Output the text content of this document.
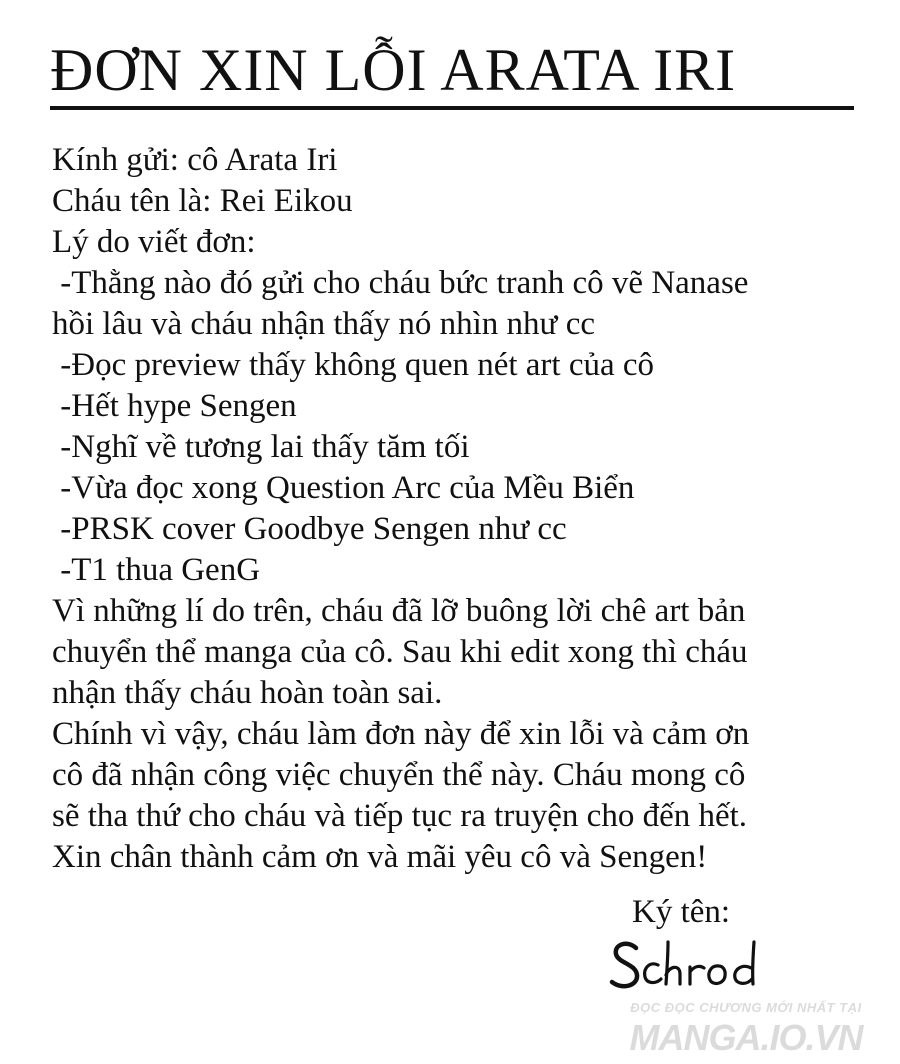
ĐƠN XIN LỖI ARATA IRI
Kính gửi: cô Arata Iri
Cháu tên là: Rei Eikou
Lý do viết đơn:
-Thằng nào đó gửi cho cháu bức tranh cô vẽ Nanase
hồi lâu và cháu nhận thấy nó nhìn như cc
-Đọc preview thấy không quen nét art của cô
-Hết hype Sengen
-Nghĩ về tương lai thấy tăm tối
-Vừa đọc xong Question Arc của Mều Biển
-PRSK cover Goodbye Sengen như cc
-T1 thua GenG
Vì những lí do trên, cháu đã lỡ buông lời chê art bản
chuyển thể manga của cô. Sau khi edit xong thì cháu
nhận thấy cháu hoàn toàn sai.
Chính vì vậy, cháu làm đơn này để xin lỗi và cảm ơn
cô đã nhận công việc chuyển thể này. Cháu mong cô
sẽ tha thứ cho cháu và tiếp tục ra truyện cho đến hết.
Xin chân thành cảm ơn và mãi yêu cô và Sengen!
Ký tên:
ĐỌC ĐỌC CHƯƠNG MỚI NHẤT TẠI
MANGA.IO.VN
